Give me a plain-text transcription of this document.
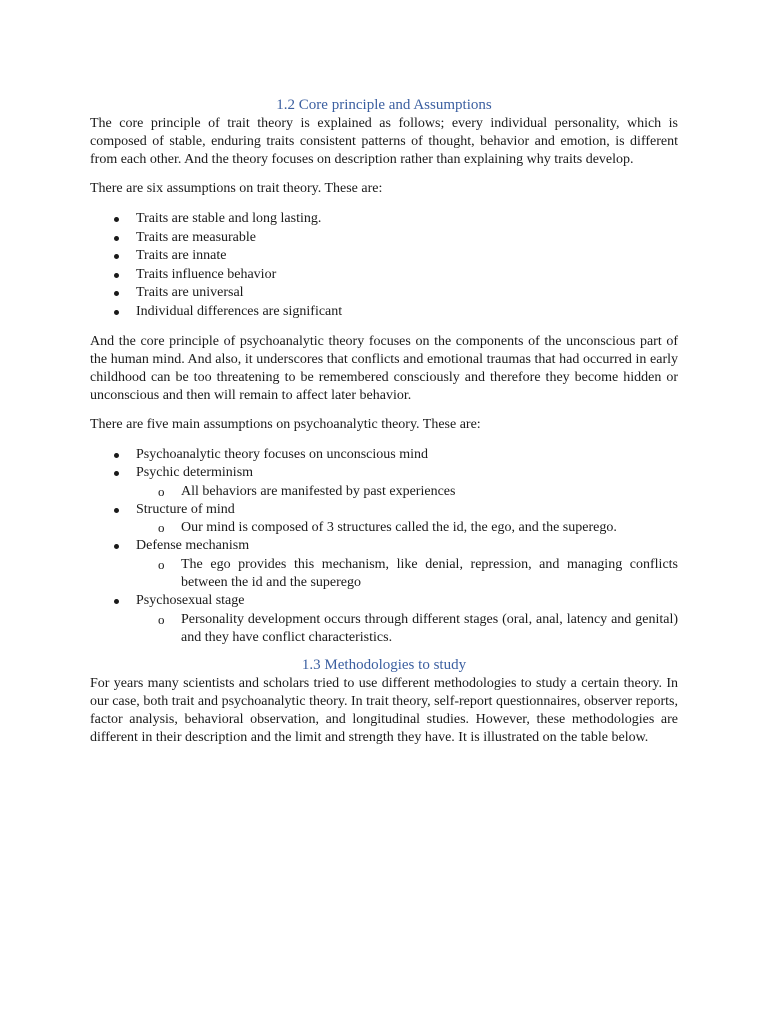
1.2 Core principle and Assumptions

The core principle of trait theory is explained as follows; every individual personality, which is composed of stable, enduring traits consistent patterns of thought, behavior and emotion, is different from each other. And the theory focuses on description rather than explaining why traits develop.

There are six assumptions on trait theory. These are:

Traits are stable and long lasting.
Traits are measurable
Traits are innate
Traits influence behavior
Traits are universal
Individual differences are significant

And the core principle of psychoanalytic theory focuses on the components of the unconscious part of the human mind. And also, it underscores that conflicts and emotional traumas that had occurred in early childhood can be too threatening to be remembered consciously and therefore they become hidden or unconscious and then will remain to affect later behavior.

There are five main assumptions on psychoanalytic theory. These are:

Psychoanalytic theory focuses on unconscious mind
Psychic determinism
o All behaviors are manifested by past experiences
Structure of mind
o Our mind is composed of 3 structures called the id, the ego, and the superego.
Defense mechanism
o The ego provides this mechanism, like denial, repression, and managing conflicts between the id and the superego
Psychosexual stage
o Personality development occurs through different stages (oral, anal, latency and genital) and they have conflict characteristics.
1.3 Methodologies to study

For years many scientists and scholars tried to use different methodologies to study a certain theory. In our case, both trait and psychoanalytic theory. In trait theory, self-report questionnaires, observer reports, factor analysis, behavioral observation, and longitudinal studies. However, these methodologies are different in their description and the limit and strength they have. It is illustrated on the table below.
